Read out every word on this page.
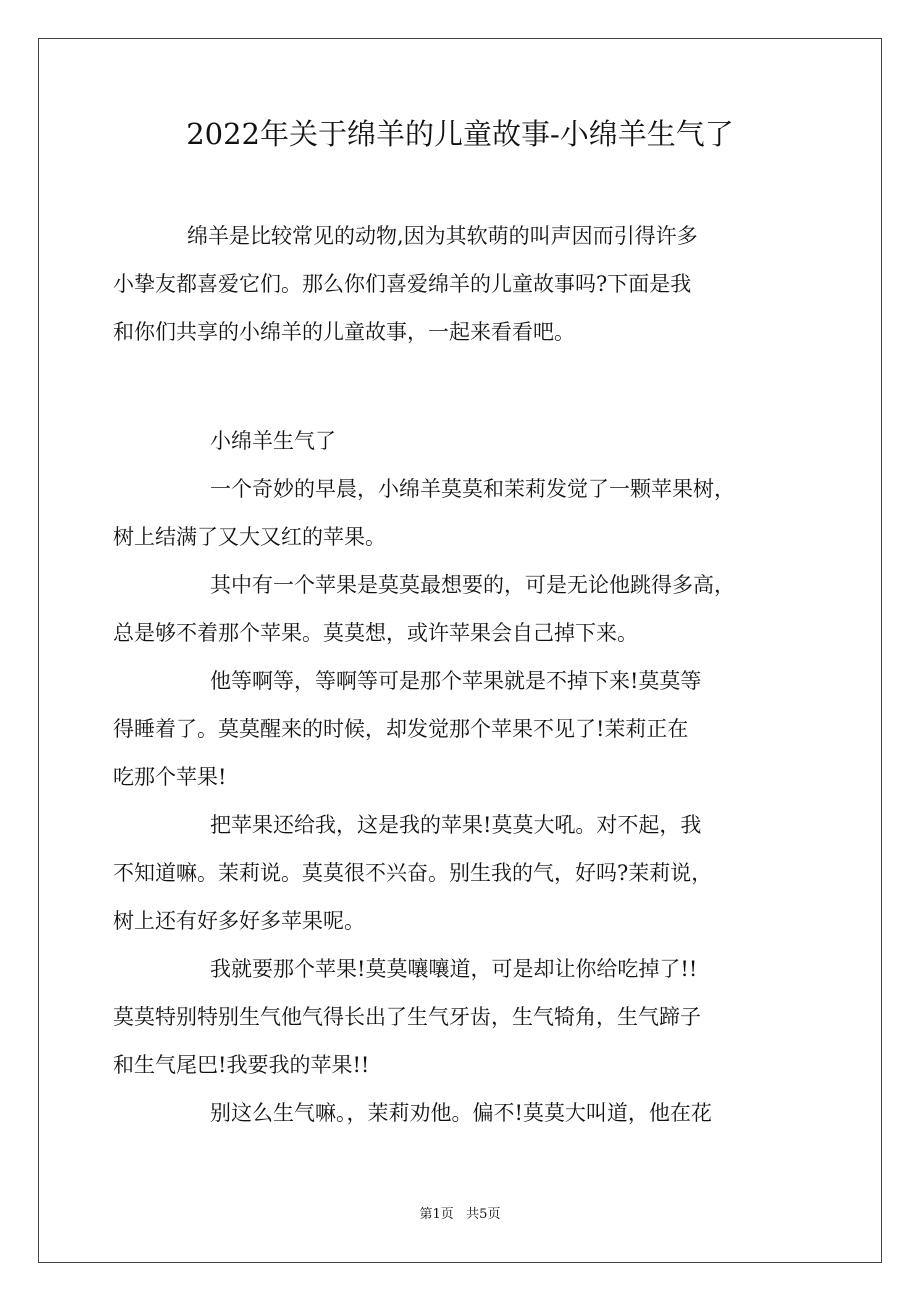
2022年关于绵羊的儿童故事-小绵羊生气了
绵羊是比较常见的动物,因为其软萌的叫声因而引得许多
小挚友都喜爱它们。那么你们喜爱绵羊的儿童故事吗?下面是我
和你们共享的小绵羊的儿童故事，一起来看看吧。
小绵羊生气了
一个奇妙的早晨，小绵羊莫莫和茉莉发觉了一颗苹果树，
树上结满了又大又红的苹果。
其中有一个苹果是莫莫最想要的，可是无论他跳得多高，
总是够不着那个苹果。莫莫想，或许苹果会自己掉下来。
他等啊等，等啊等可是那个苹果就是不掉下来!莫莫等
得睡着了。莫莫醒来的时候，却发觉那个苹果不见了!茉莉正在
吃那个苹果!
把苹果还给我，这是我的苹果!莫莫大吼。对不起，我
不知道嘛。茉莉说。莫莫很不兴奋。别生我的气，好吗?茉莉说，
树上还有好多好多苹果呢。
我就要那个苹果!莫莫嚷嚷道，可是却让你给吃掉了!!
莫莫特别特别生气他气得长出了生气牙齿，生气犄角，生气蹄子
和生气尾巴!我要我的苹果!!
别这么生气嘛。，茉莉劝他。偏不!莫莫大叫道，他在花
第1页   共5页
